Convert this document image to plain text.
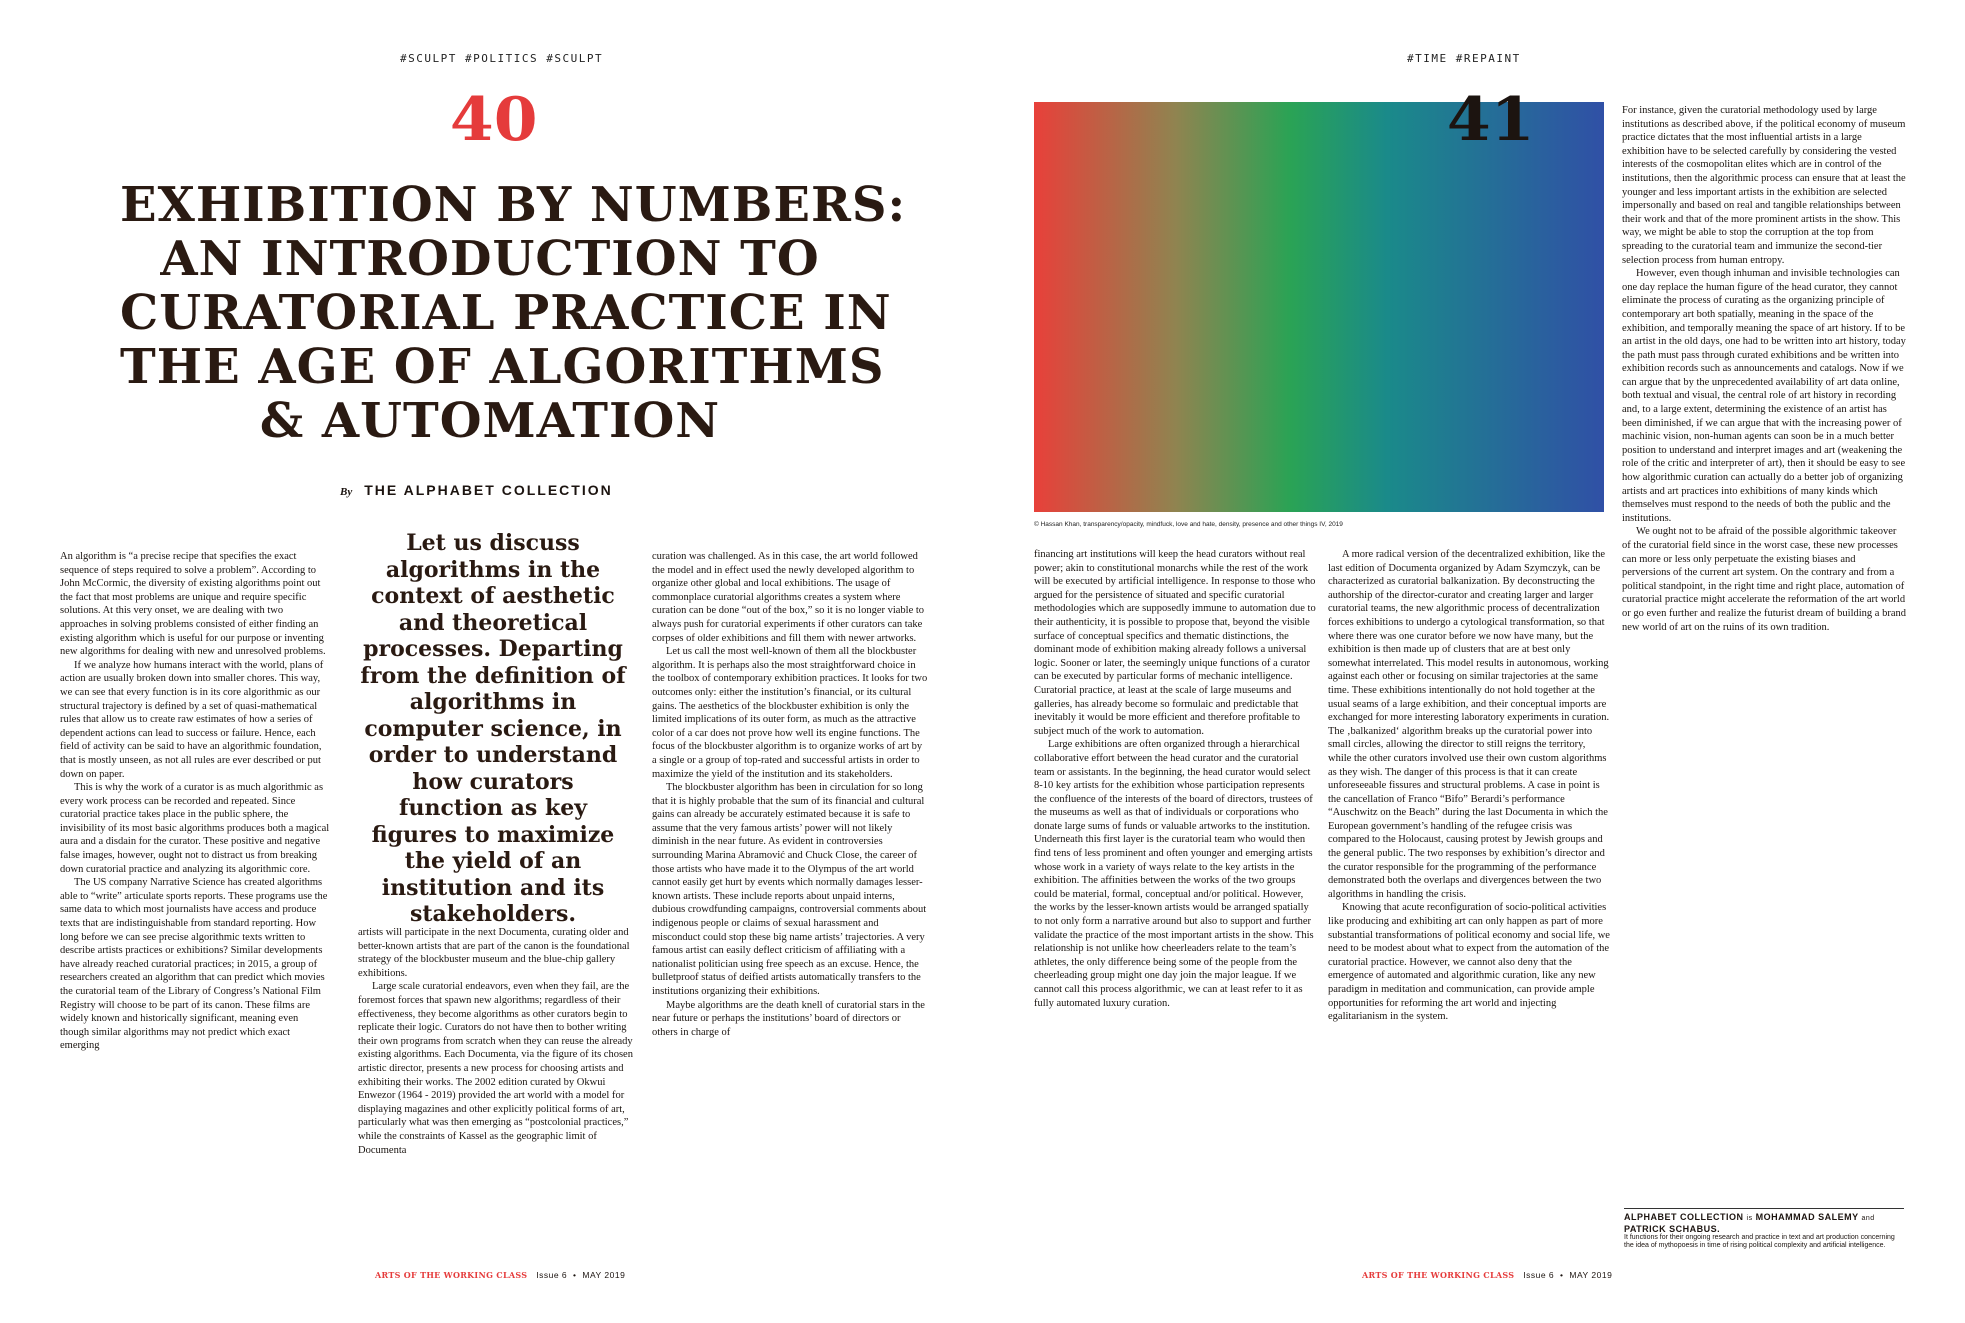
#SCULPT #POLITICS #SCULPT
40
EXHIBITION BY NUMBERS:
AN INTRODUCTION TO
CURATORIAL PRACTICE IN
THE AGE OF ALGORITHMS
& AUTOMATION
By THE ALPHABET COLLECTION

An algorithm is “a precise recipe that specifies the exact sequence of steps required to solve a problem”. According to John McCormic, the diversity of existing algorithms point out the fact that most problems are unique and require specific solutions. At this very onset, we are dealing with two approaches in solving problems consisted of either finding an existing algorithm which is useful for our purpose or inventing new algorithms for dealing with new and unresolved problems.

If we analyze how humans interact with the world, plans of action are usually broken down into smaller chores. This way, we can see that every function is in its core algorithmic as our structural trajectory is defined by a set of quasi-mathematical rules that allow us to create raw estimates of how a series of dependent actions can lead to success or failure. Hence, each field of activity can be said to have an algorithmic foundation, that is mostly unseen, as not all rules are ever described or put down on paper.

This is why the work of a curator is as much algorithmic as every work process can be recorded and repeated. Since curatorial practice takes place in the public sphere, the invisibility of its most basic algorithms produces both a magical aura and a disdain for the curator. These positive and negative false images, however, ought not to distract us from breaking down curatorial practice and analyzing its algorithmic core.

The US company Narrative Science has created algorithms able to “write” articulate sports reports. These programs use the same data to which most journalists have access and produce texts that are indistinguishable from standard reporting. How long before we can see precise algorithmic texts written to describe artists practices or exhibitions? Similar developments have already reached curatorial practices; in 2015, a group of researchers created an algorithm that can predict which movies the curatorial team of the Library of Congress’s National Film Registry will choose to be part of its canon. These films are widely known and historically significant, meaning even though similar algorithms may not predict which exact emerging

Let us discuss algorithms in the context of aesthetic and theoretical processes. Departing from the definition of algorithms in computer science, in order to understand how curators function as key figures to maximize the yield of an institution and its stakeholders.

artists will participate in the next Documenta, curating older and better-known artists that are part of the canon is the foundational strategy of the blockbuster museum and the blue-chip gallery exhibitions.

Large scale curatorial endeavors, even when they fail, are the foremost forces that spawn new algorithms; regardless of their effectiveness, they become algorithms as other curators begin to replicate their logic. Curators do not have then to bother writing their own programs from scratch when they can reuse the already existing algorithms. Each Documenta, via the figure of its chosen artistic director, presents a new process for choosing artists and exhibiting their works. The 2002 edition curated by Okwui Enwezor (1964 - 2019) provided the art world with a model for displaying magazines and other explicitly political forms of art, particularly what was then emerging as “postcolonial practices,” while the constraints of Kassel as the geographic limit of Documenta

curation was challenged. As in this case, the art world followed the model and in effect used the newly developed algorithm to organize other global and local exhibitions. The usage of commonplace curatorial algorithms creates a system where curation can be done “out of the box,” so it is no longer viable to always push for curatorial experiments if other curators can take corpses of older exhibitions and fill them with newer artworks.

Let us call the most well-known of them all the blockbuster algorithm. It is perhaps also the most straightforward choice in the toolbox of contemporary exhibition practices. It looks for two outcomes only: either the institution’s financial, or its cultural gains. The aesthetics of the blockbuster exhibition is only the limited implications of its outer form, as much as the attractive color of a car does not prove how well its engine functions. The focus of the blockbuster algorithm is to organize works of art by a single or a group of top-rated and successful artists in order to maximize the yield of the institution and its stakeholders.

The blockbuster algorithm has been in circulation for so long that it is highly probable that the sum of its financial and cultural gains can already be accurately estimated because it is safe to assume that the very famous artists’ power will not likely diminish in the near future. As evident in controversies surrounding Marina Abramović and Chuck Close, the career of those artists who have made it to the Olympus of the art world cannot easily get hurt by events which normally damages lesser-known artists. These include reports about unpaid interns, dubious crowdfunding campaigns, controversial comments about indigenous people or claims of sexual harassment and misconduct could stop these big name artists’ trajectories. A very famous artist can easily deflect criticism of affiliating with a nationalist politician using free speech as an excuse. Hence, the bulletproof status of deified artists automatically transfers to the institutions organizing their exhibitions.

Maybe algorithms are the death knell of curatorial stars in the near future or perhaps the institutions’ board of directors or others in charge of

ARTS OF THE WORKING CLASS Issue 6 • MAY 2019
#TIME #REPAINT
41
© Hassan Khan, transparency/opacity, mindfuck, love and hate, density, presence and other things IV, 2019

financing art institutions will keep the head curators without real power; akin to constitutional monarchs while the rest of the work will be executed by artificial intelligence. In response to those who argued for the persistence of situated and specific curatorial methodologies which are supposedly immune to automation due to their authenticity, it is possible to propose that, beyond the visible surface of conceptual specifics and thematic distinctions, the dominant mode of exhibition making already follows a universal logic. Sooner or later, the seemingly unique functions of a curator can be executed by particular forms of mechanic intelligence. Curatorial practice, at least at the scale of large museums and galleries, has already become so formulaic and predictable that inevitably it would be more efficient and therefore profitable to subject much of the work to automation.

Large exhibitions are often organized through a hierarchical collaborative effort between the head curator and the curatorial team or assistants. In the beginning, the head curator would select 8-10 key artists for the exhibition whose participation represents the confluence of the interests of the board of directors, trustees of the museums as well as that of individuals or corporations who donate large sums of funds or valuable artworks to the institution. Underneath this first layer is the curatorial team who would then find tens of less prominent and often younger and emerging artists whose work in a variety of ways relate to the key artists in the exhibition. The affinities between the works of the two groups could be material, formal, conceptual and/or political. However, the works by the lesser-known artists would be arranged spatially to not only form a narrative around but also to support and further validate the practice of the most important artists in the show. This relationship is not unlike how cheerleaders relate to the team’s athletes, the only difference being some of the people from the cheerleading group might one day join the major league. If we cannot call this process algorithmic, we can at least refer to it as fully automated luxury curation.

A more radical version of the decentralized exhibition, like the last edition of Documenta organized by Adam Szymczyk, can be characterized as curatorial balkanization. By deconstructing the authorship of the director-curator and creating larger and larger curatorial teams, the new algorithmic process of decentralization forces exhibitions to undergo a cytological transformation, so that where there was one curator before we now have many, but the exhibition is then made up of clusters that are at best only somewhat interrelated. This model results in autonomous, working against each other or focusing on similar trajectories at the same time. These exhibitions intentionally do not hold together at the usual seams of a large exhibition, and their conceptual imports are exchanged for more interesting laboratory experiments in curation. The ‚balkanized‘ algorithm breaks up the curatorial power into small circles, allowing the director to still reigns the territory, while the other curators involved use their own custom algorithms as they wish. The danger of this process is that it can create unforeseeable fissures and structural problems. A case in point is the cancellation of Franco “Bifo” Berardi’s performance “Auschwitz on the Beach” during the last Documenta in which the European government’s handling of the refugee crisis was compared to the Holocaust, causing protest by Jewish groups and the general public. The two responses by exhibition’s director and the curator responsible for the programming of the performance demonstrated both the overlaps and divergences between the two algorithms in handling the crisis.

Knowing that acute reconfiguration of socio-political activities like producing and exhibiting art can only happen as part of more substantial transformations of political economy and social life, we need to be modest about what to expect from the automation of the curatorial practice. However, we cannot also deny that the emergence of automated and algorithmic curation, like any new paradigm in meditation and communication, can provide ample opportunities for reforming the art world and injecting egalitarianism in the system.

For instance, given the curatorial methodology used by large institutions as described above, if the political economy of museum practice dictates that the most influential artists in a large exhibition have to be selected carefully by considering the vested interests of the cosmopolitan elites which are in control of the institutions, then the algorithmic process can ensure that at least the younger and less important artists in the exhibition are selected impersonally and based on real and tangible relationships between their work and that of the more prominent artists in the show. This way, we might be able to stop the corruption at the top from spreading to the curatorial team and immunize the second-tier selection process from human entropy.

However, even though inhuman and invisible technologies can one day replace the human figure of the head curator, they cannot eliminate the process of curating as the organizing principle of contemporary art both spatially, meaning in the space of the exhibition, and temporally meaning the space of art history. If to be an artist in the old days, one had to be written into art history, today the path must pass through curated exhibitions and be written into exhibition records such as announcements and catalogs. Now if we can argue that by the unprecedented availability of art data online, both textual and visual, the central role of art history in recording and, to a large extent, determining the existence of an artist has been diminished, if we can argue that with the increasing power of machinic vision, non-human agents can soon be in a much better position to understand and interpret images and art (weakening the role of the critic and interpreter of art), then it should be easy to see how algorithmic curation can actually do a better job of organizing artists and art practices into exhibitions of many kinds which themselves must respond to the needs of both the public and the institutions.

We ought not to be afraid of the possible algorithmic takeover of the curatorial field since in the worst case, these new processes can more or less only perpetuate the existing biases and perversions of the current art system. On the contrary and from a political standpoint, in the right time and right place, automation of curatorial practice might accelerate the reformation of the art world or go even further and realize the futurist dream of building a brand new world of art on the ruins of its own tradition.

ALPHABET COLLECTION is MOHAMMAD SALEMY and PATRICK SCHABUS.
It functions for their ongoing research and practice in text and art production concerning the idea of mythopoesis in time of rising political complexity and artificial intelligence.
ARTS OF THE WORKING CLASS Issue 6 • MAY 2019
